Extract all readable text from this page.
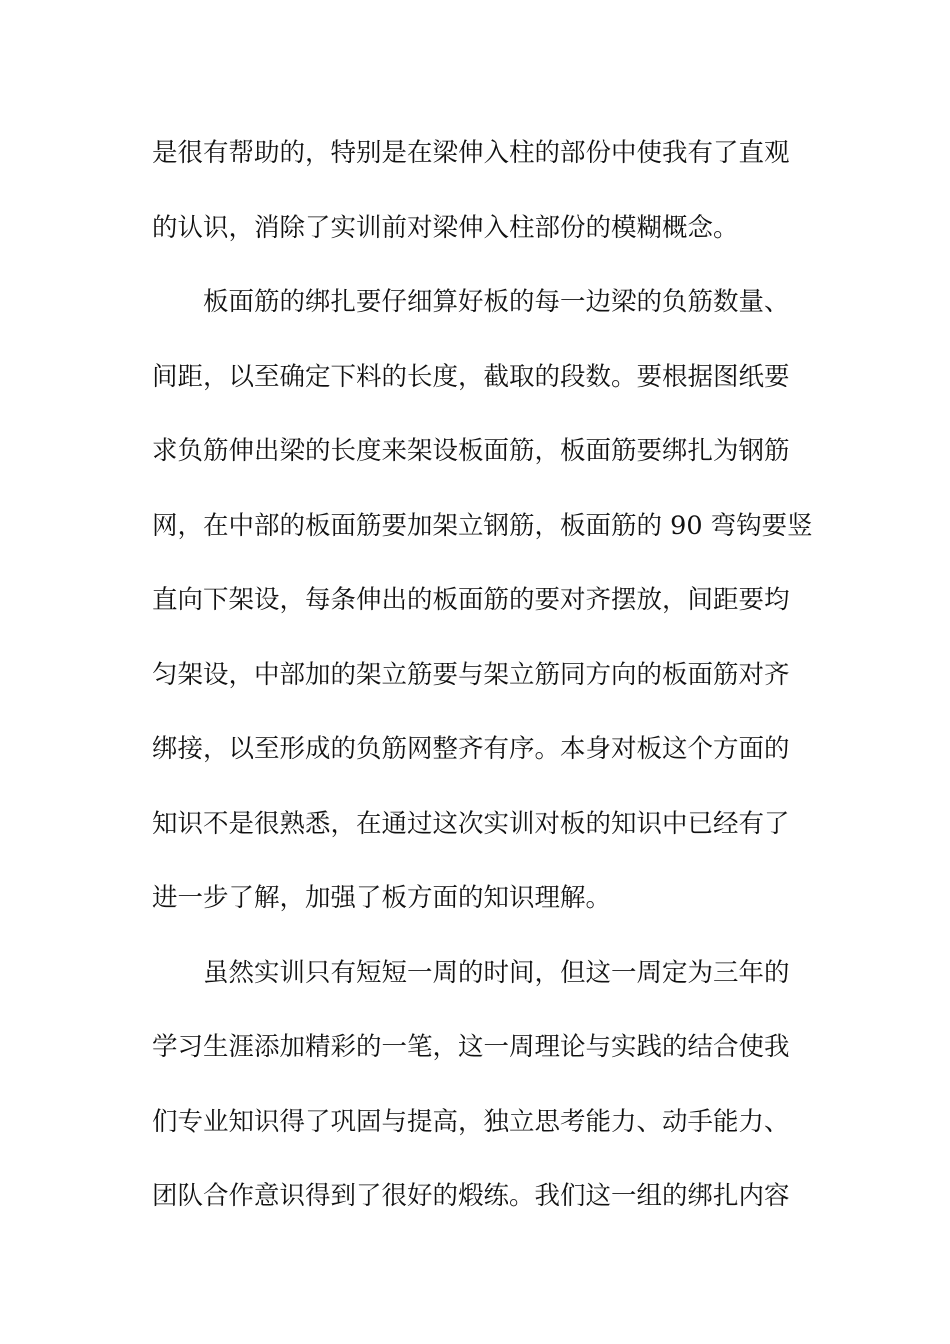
是很有帮助的，特别是在梁伸入柱的部份中使我有了直观
的认识，消除了实训前对梁伸入柱部份的模糊概念。
板面筋的绑扎要仔细算好板的每一边梁的负筋数量、
间距，以至确定下料的长度，截取的段数。要根据图纸要
求负筋伸出梁的长度来架设板面筋，板面筋要绑扎为钢筋
网，在中部的板面筋要加架立钢筋，板面筋的 90 弯钩要竖
直向下架设，每条伸出的板面筋的要对齐摆放，间距要均
匀架设，中部加的架立筋要与架立筋同方向的板面筋对齐
绑接，以至形成的负筋网整齐有序。本身对板这个方面的
知识不是很熟悉，在通过这次实训对板的知识中已经有了
进一步了解，加强了板方面的知识理解。
虽然实训只有短短一周的时间，但这一周定为三年的
学习生涯添加精彩的一笔，这一周理论与实践的结合使我
们专业知识得了巩固与提高，独立思考能力、动手能力、
团队合作意识得到了很好的煅练。我们这一组的绑扎内容
